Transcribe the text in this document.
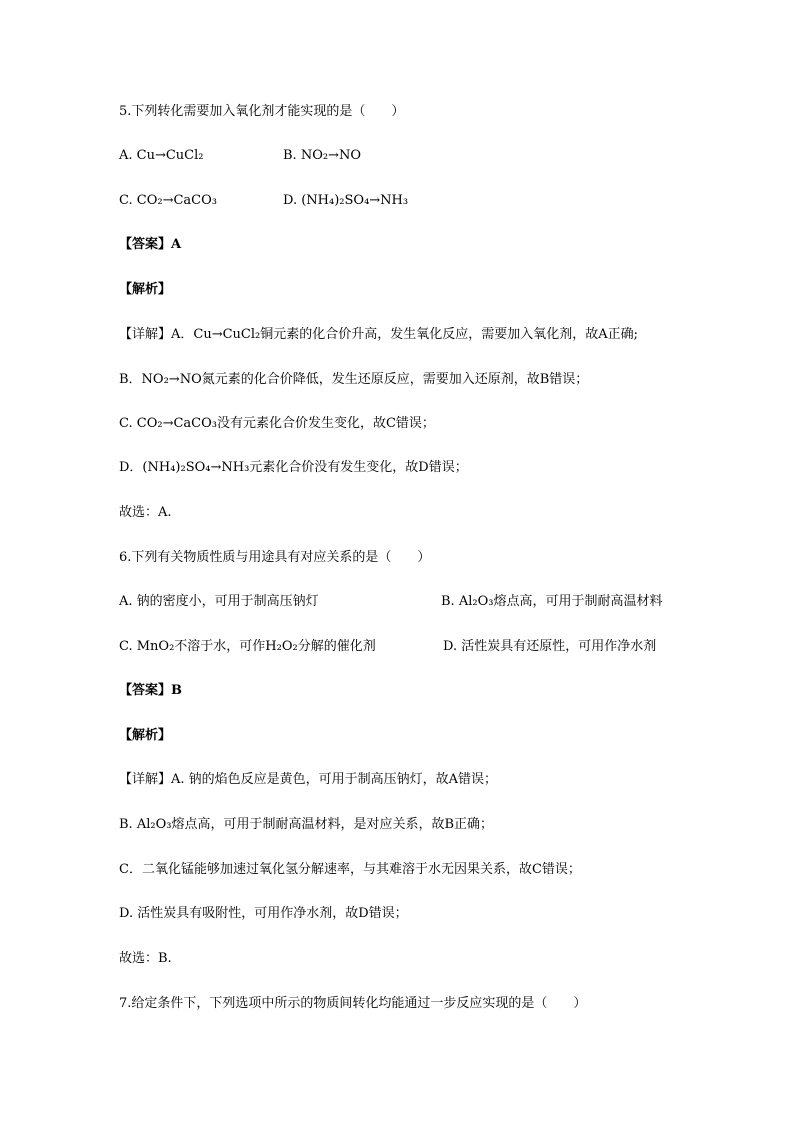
5.下列转化需要加入氧化剂才能实现的是（　　）
A. Cu→CuCl₂	B. NO₂→NO
C. CO₂→CaCO₃	D. (NH₄)₂SO₄→NH₃
【答案】A
【解析】
【详解】A．Cu→CuCl₂铜元素的化合价升高，发生氧化反应，需要加入氧化剂，故A正确;
B．NO₂→NO氮元素的化合价降低，发生还原反应，需要加入还原剂，故B错误；
C. CO₂→CaCO₃没有元素化合价发生变化，故C错误；
D．(NH₄)₂SO₄→NH₃元素化合价没有发生变化，故D错误；
故选：A.
6.下列有关物质性质与用途具有对应关系的是（　　）
A. 钠的密度小，可用于制高压钠灯	B. Al₂O₃熔点高，可用于制耐高温材料
C. MnO₂不溶于水，可作H₂O₂分解的催化剂	D. 活性炭具有还原性，可用作净水剂
【答案】B
【解析】
【详解】A. 钠的焰色反应是黄色，可用于制高压钠灯，故A错误；
B. Al₂O₃熔点高，可用于制耐高温材料，是对应关系，故B正确；
C．二氧化锰能够加速过氧化氢分解速率，与其难溶于水无因果关系，故C错误；
D. 活性炭具有吸附性，可用作净水剂，故D错误；
故选：B.
7.给定条件下，下列选项中所示的物质间转化均能通过一步反应实现的是（　　）
